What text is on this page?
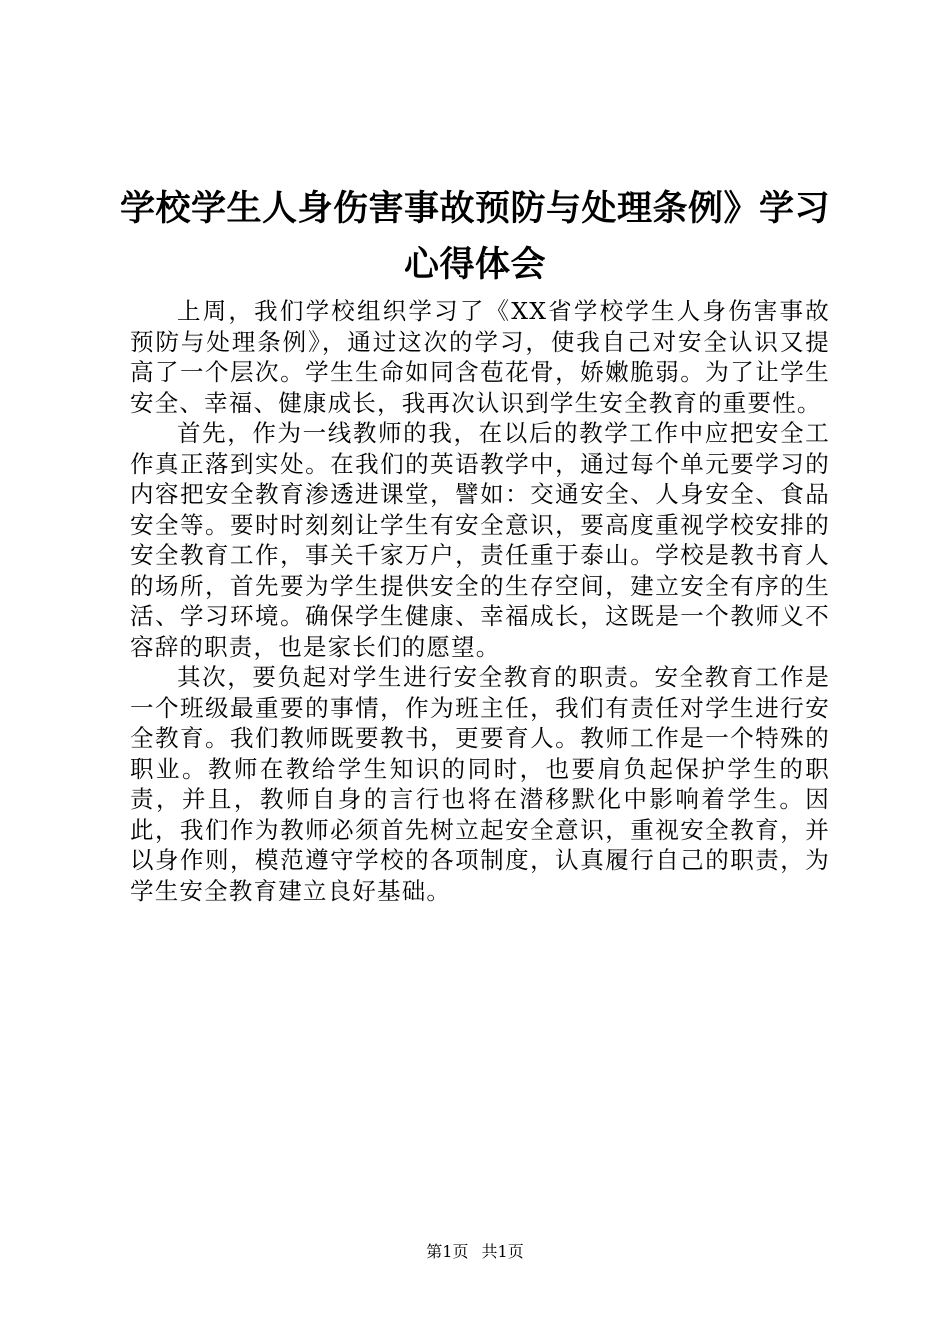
学校学生人身伤害事故预防与处理条例》学习
心得体会

上周，我们学校组织学习了《XX省学校学生人身伤害事故预防与处理条例》，通过这次的学习，使我自己对安全认识又提高了一个层次。学生生命如同含苞花骨，娇嫩脆弱。为了让学生安全、幸福、健康成长，我再次认识到学生安全教育的重要性。

首先，作为一线教师的我，在以后的教学工作中应把安全工作真正落到实处。在我们的英语教学中，通过每个单元要学习的内容把安全教育渗透进课堂，譬如：交通安全、人身安全、食品安全等。要时时刻刻让学生有安全意识，要高度重视学校安排的安全教育工作，事关千家万户，责任重于泰山。学校是教书育人的场所，首先要为学生提供安全的生存空间，建立安全有序的生活、学习环境。确保学生健康、幸福成长，这既是一个教师义不容辞的职责，也是家长们的愿望。

其次，要负起对学生进行安全教育的职责。安全教育工作是一个班级最重要的事情，作为班主任，我们有责任对学生进行安全教育。我们教师既要教书，更要育人。教师工作是一个特殊的职业。教师在教给学生知识的同时，也要肩负起保护学生的职责，并且，教师自身的言行也将在潜移默化中影响着学生。因此，我们作为教师必须首先树立起安全意识，重视安全教育，并以身作则，模范遵守学校的各项制度，认真履行自己的职责，为学生安全教育建立良好基础。

第1页 共1页
